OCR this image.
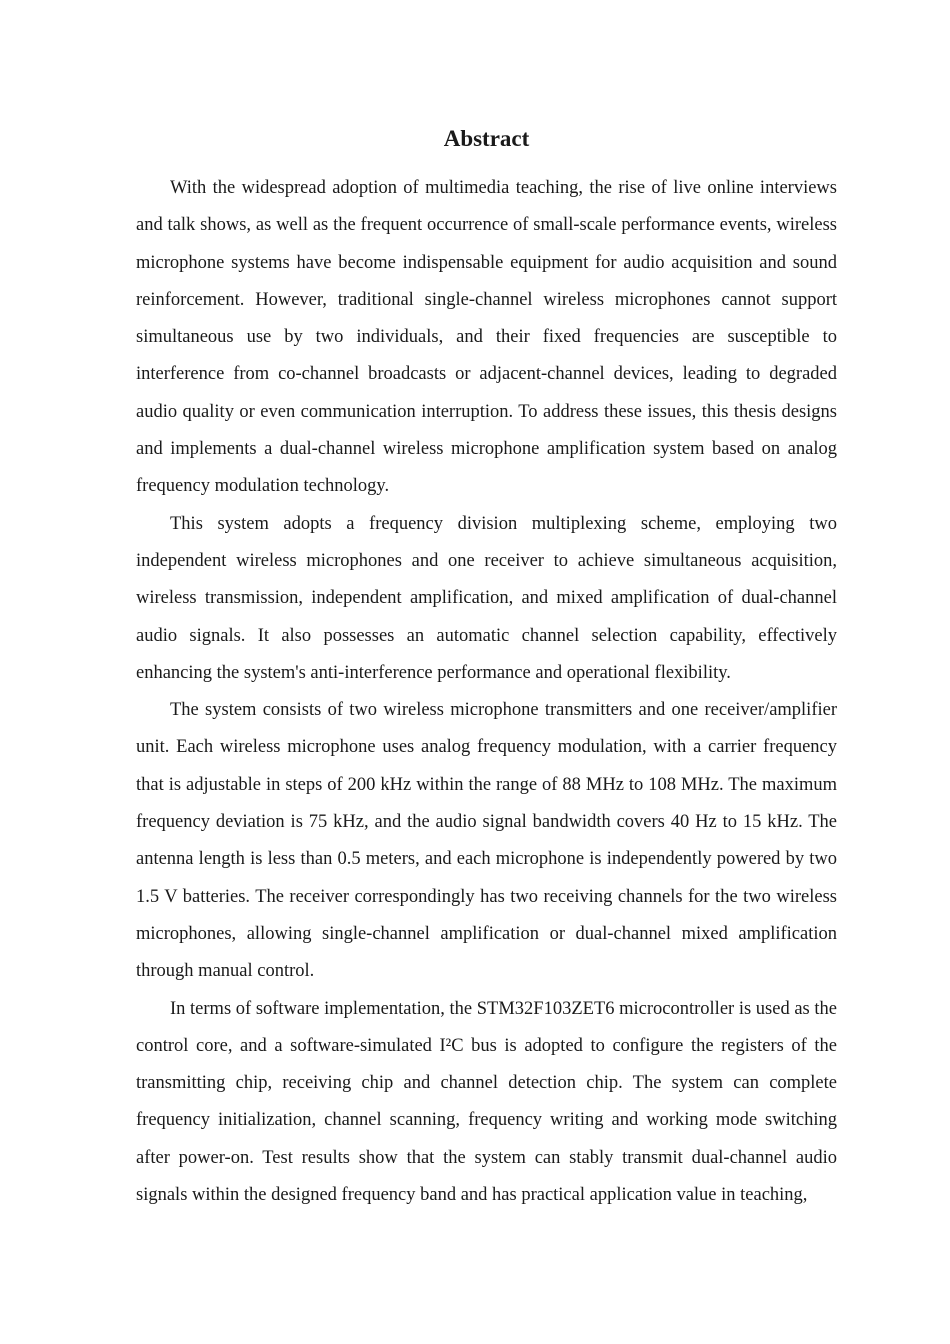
Abstract

With the widespread adoption of multimedia teaching, the rise of live online interviews and talk shows, as well as the frequent occurrence of small-scale performance events, wireless microphone systems have become indispensable equipment for audio acquisition and sound reinforcement. However, traditional single-channel wireless microphones cannot support simultaneous use by two individuals, and their fixed frequencies are susceptible to interference from co-channel broadcasts or adjacent-channel devices, leading to degraded audio quality or even communication interruption. To address these issues, this thesis designs and implements a dual-channel wireless microphone amplification system based on analog frequency modulation technology.

This system adopts a frequency division multiplexing scheme, employing two independent wireless microphones and one receiver to achieve simultaneous acquisition, wireless transmission, independent amplification, and mixed amplification of dual-channel audio signals. It also possesses an automatic channel selection capability, effectively enhancing the system's anti-interference performance and operational flexibility.

The system consists of two wireless microphone transmitters and one receiver/amplifier unit. Each wireless microphone uses analog frequency modulation, with a carrier frequency that is adjustable in steps of 200 kHz within the range of 88 MHz to 108 MHz. The maximum frequency deviation is 75 kHz, and the audio signal bandwidth covers 40 Hz to 15 kHz. The antenna length is less than 0.5 meters, and each microphone is independently powered by two 1.5 V batteries. The receiver correspondingly has two receiving channels for the two wireless microphones, allowing single-channel amplification or dual-channel mixed amplification through manual control.

In terms of software implementation, the STM32F103ZET6 microcontroller is used as the control core, and a software-simulated I²C bus is adopted to configure the registers of the transmitting chip, receiving chip and channel detection chip. The system can complete frequency initialization, channel scanning, frequency writing and working mode switching after power-on. Test results show that the system can stably transmit dual-channel audio signals within the designed frequency band and has practical application value in teaching,
